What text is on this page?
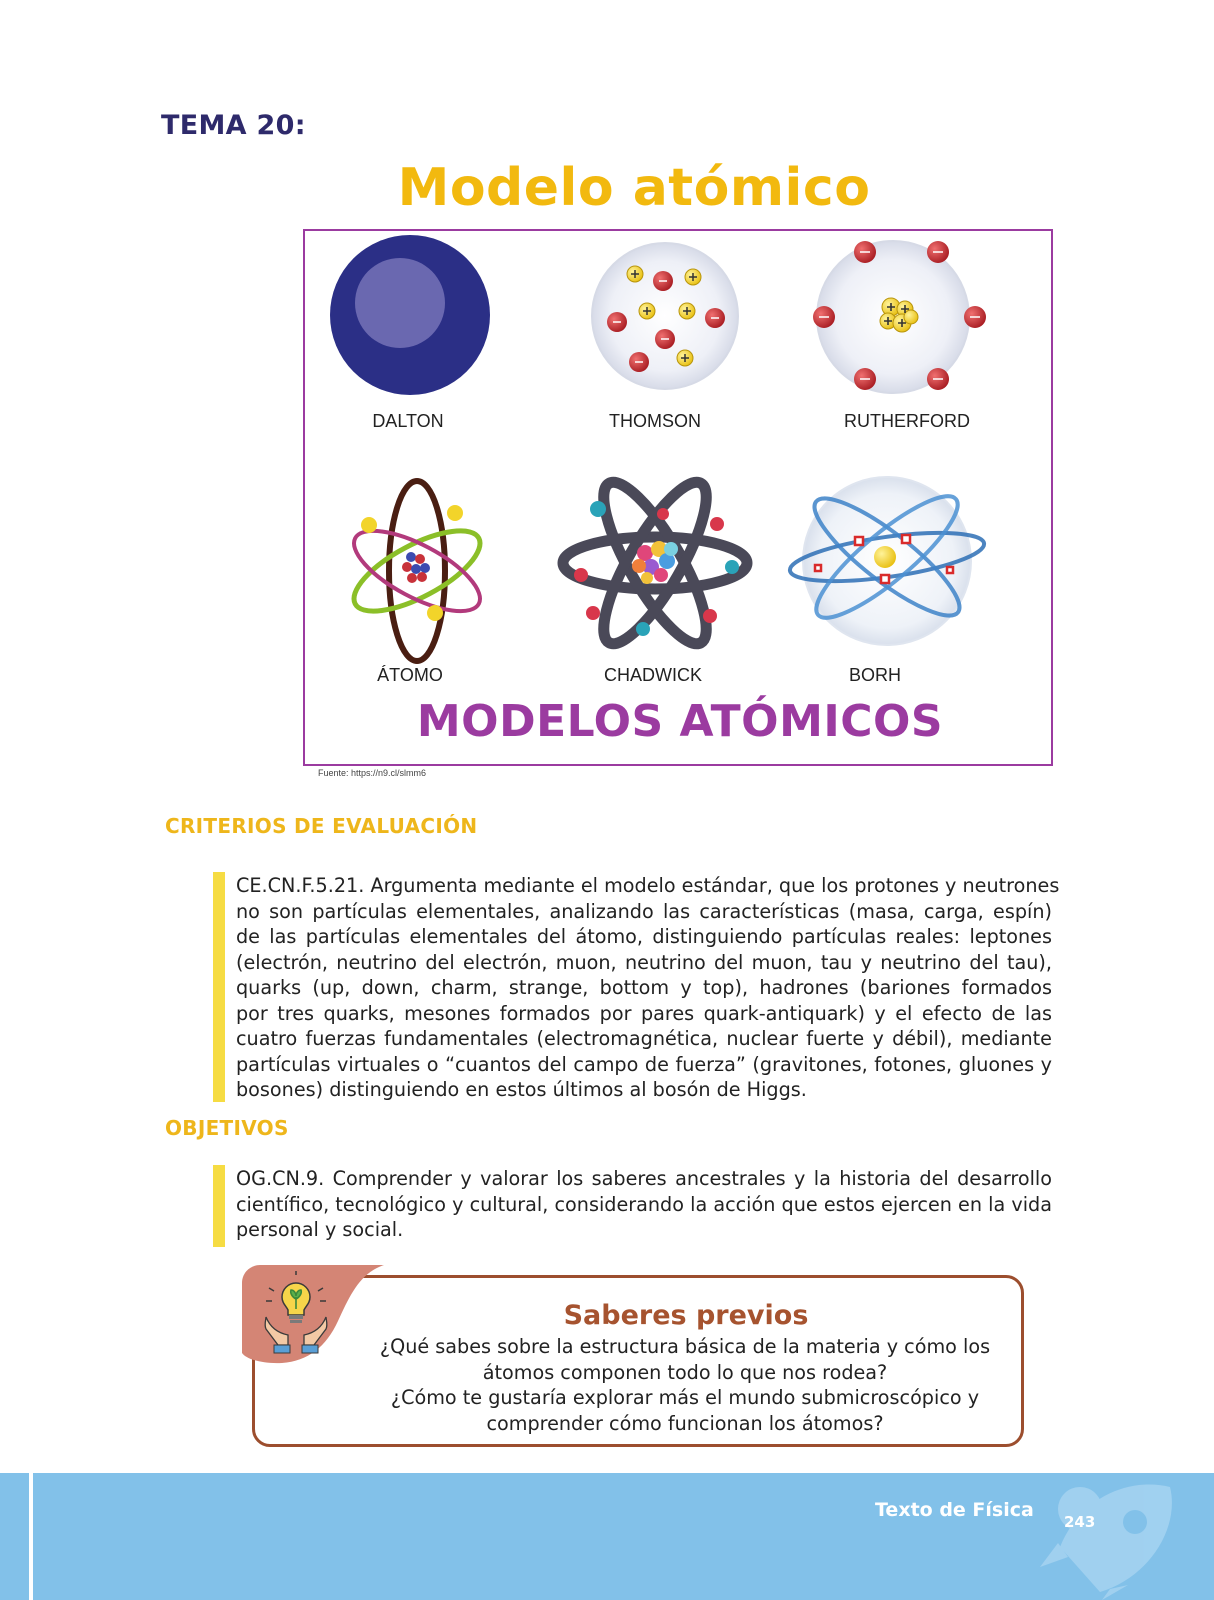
TEMA 20:
Modelo atómico
DALTON	THOMSON	RUTHERFORD
ÁTOMO	CHADWICK	BORH
MODELOS ATÓMICOS
Fuente: https://n9.cl/slmm6
CRITERIOS DE EVALUACIÓN
CE.CN.F.5.21. Argumenta mediante el modelo estándar, que los protones y neutrones
no son partículas elementales, analizando las características (masa, carga, espín)
de las partículas elementales del átomo, distinguiendo partículas reales: leptones
(electrón, neutrino del electrón, muon, neutrino del muon, tau y neutrino del tau),
quarks (up, down, charm, strange, bottom y top), hadrones (bariones formados
por tres quarks, mesones formados por pares quark-antiquark) y el efecto de las
cuatro fuerzas fundamentales (electromagnética, nuclear fuerte y débil), mediante
partículas virtuales o “cuantos del campo de fuerza” (gravitones, fotones, gluones y
bosones) distinguiendo en estos últimos al bosón de Higgs.
OBJETIVOS
OG.CN.9. Comprender y valorar los saberes ancestrales y la historia del desarrollo
científico, tecnológico y cultural, considerando la acción que estos ejercen en la vida
personal y social.
Saberes previos
¿Qué sabes sobre la estructura básica de la materia y cómo los
átomos componen todo lo que nos rodea?
¿Cómo te gustaría explorar más el mundo submicroscópico y
comprender cómo funcionan los átomos?
Texto de Física
243
